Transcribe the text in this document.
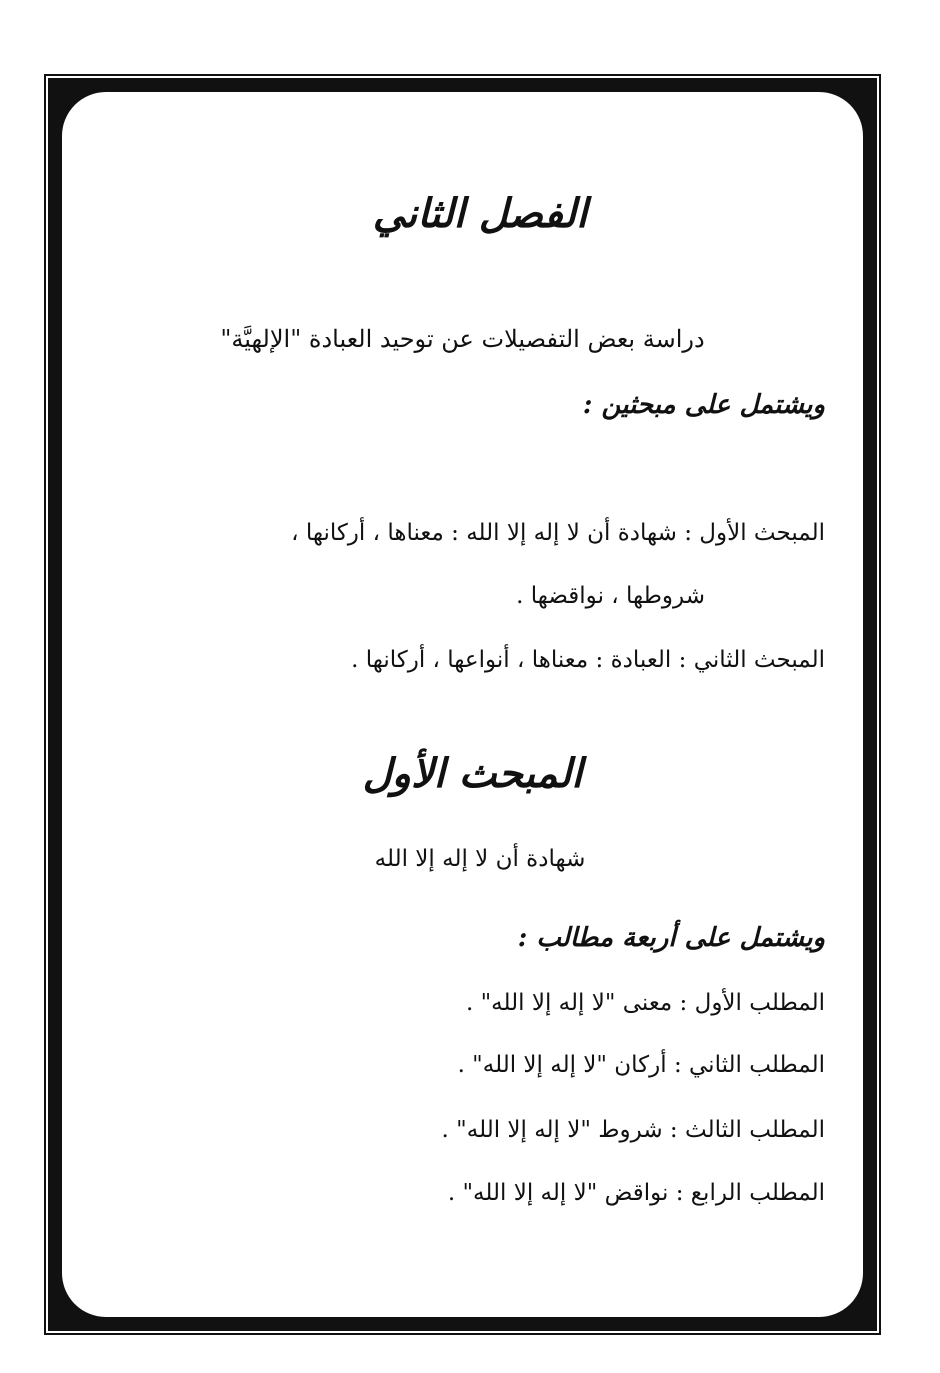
الفصل الثاني
دراسة بعض التفصيلات عن توحيد العبادة "الإلهيَّة"
ويشتمل على مبحثين :
المبحث الأول : شهادة أن لا إله إلا الله : معناها ، أركانها ،
شروطها ، نواقضها .
المبحث الثاني : العبادة : معناها ، أنواعها ، أركانها .
المبحث الأول
شهادة أن لا إله إلا الله
ويشتمل على أربعة مطالب :
المطلب الأول : معنى "لا إله إلا الله" .
المطلب الثاني : أركان "لا إله إلا الله" .
المطلب الثالث : شروط "لا إله إلا الله" .
المطلب الرابع : نواقض "لا إله إلا الله" .
